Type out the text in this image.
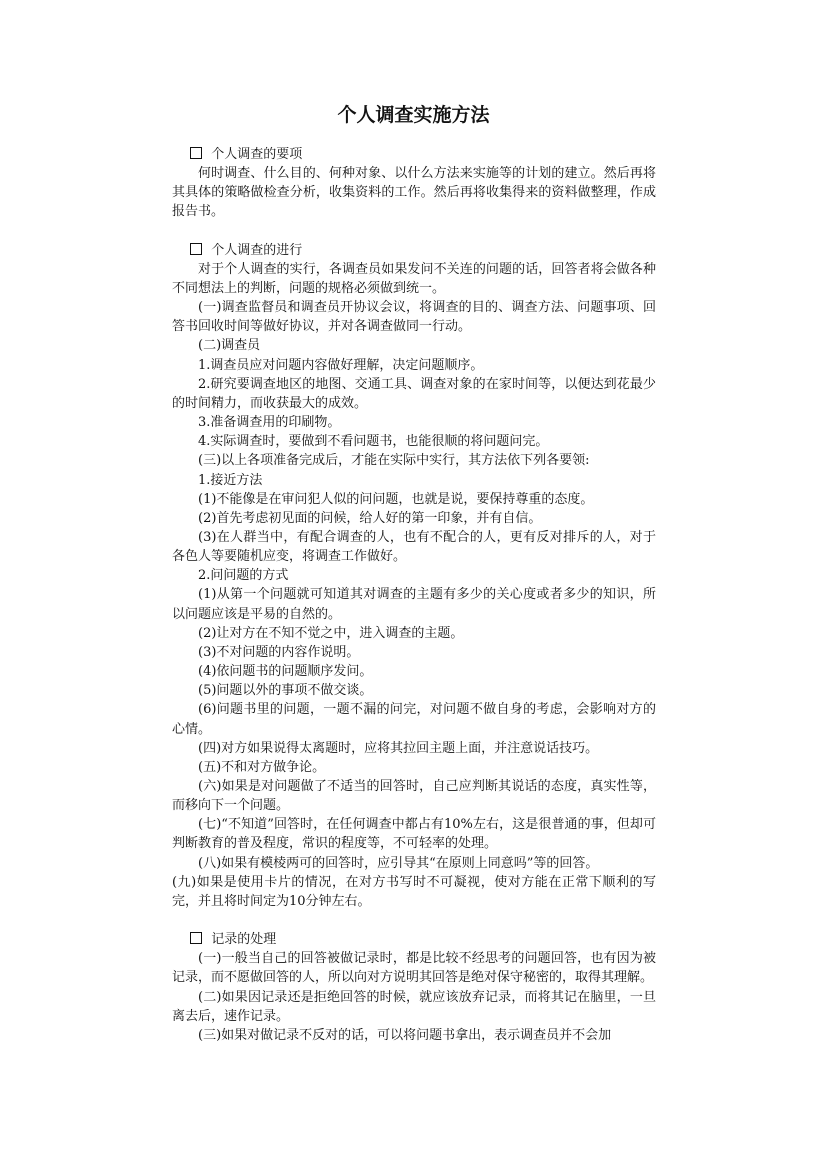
个人调查实施方法

个人调查的要项

何时调查、什么目的、何种对象、以什么方法来实施等的计划的建立。然后再将其具体的策略做检查分析，收集资料的工作。然后再将收集得来的资料做整理，作成报告书。

个人调查的进行

对于个人调查的实行，各调查员如果发问不关连的问题的话，回答者将会做各种不同想法上的判断，问题的规格必须做到统一。

(一)调查监督员和调查员开协议会议，将调查的目的、调查方法、问题事项、回答书回收时间等做好协议，并对各调查做同一行动。

(二)调查员

1.调查员应对问题内容做好理解，决定问题顺序。

2.研究要调查地区的地图、交通工具、调查对象的在家时间等，以便达到花最少的时间精力，而收获最大的成效。

3.准备调查用的印刷物。

4.实际调查时，要做到不看问题书，也能很顺的将问题问完。

(三)以上各项准备完成后，才能在实际中实行，其方法依下列各要领:

1.接近方法

(1)不能像是在审问犯人似的问问题，也就是说，要保持尊重的态度。

(2)首先考虑初见面的问候，给人好的第一印象，并有自信。

(3)在人群当中，有配合调查的人，也有不配合的人，更有反对排斥的人，对于各色人等要随机应变，将调查工作做好。

2.问问题的方式

(1)从第一个问题就可知道其对调查的主题有多少的关心度或者多少的知识，所以问题应该是平易的自然的。

(2)让对方在不知不觉之中，进入调查的主题。

(3)不对问题的内容作说明。

(4)依问题书的问题顺序发问。

(5)问题以外的事项不做交谈。

(6)问题书里的问题，一题不漏的问完，对问题不做自身的考虑，会影响对方的心情。

(四)对方如果说得太离题时，应将其拉回主题上面，并注意说话技巧。

(五)不和对方做争论。

(六)如果是对问题做了不适当的回答时，自己应判断其说话的态度，真实性等，而移向下一个问题。

(七)“不知道”回答时，在任何调查中都占有10%左右，这是很普通的事，但却可判断教育的普及程度，常识的程度等，不可轻率的处理。

(八)如果有模棱两可的回答时，应引导其“在原则上同意吗”等的回答。

(九)如果是使用卡片的情况，在对方书写时不可凝视，使对方能在正常下顺利的写完，并且将时间定为10分钟左右。

记录的处理

(一)一般当自己的回答被做记录时，都是比较不经思考的问题回答，也有因为被记录，而不愿做回答的人，所以向对方说明其回答是绝对保守秘密的，取得其理解。

(二)如果因记录还是拒绝回答的时候，就应该放弃记录，而将其记在脑里，一旦离去后，速作记录。

(三)如果对做记录不反对的话，可以将问题书拿出，表示调查员并不会加
